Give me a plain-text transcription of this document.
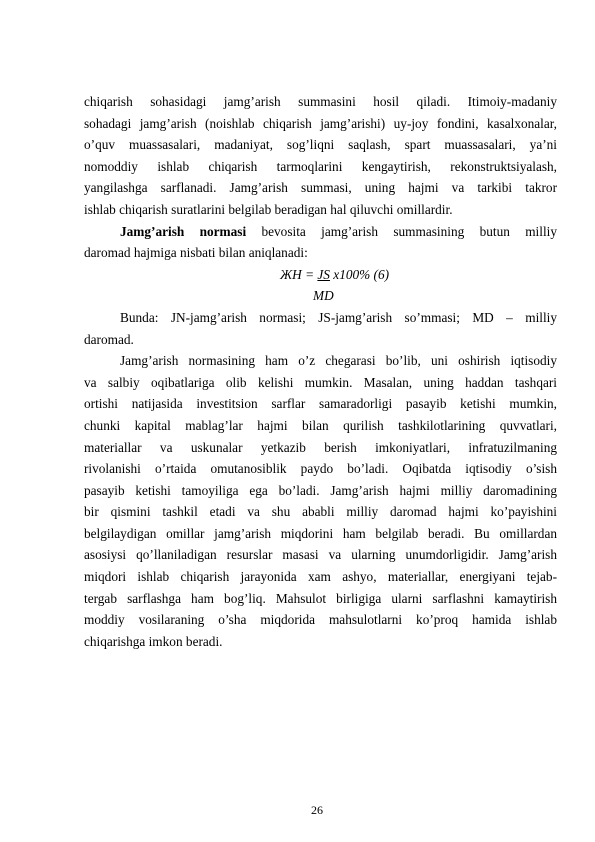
chiqarish sohasidagi jamg’arish summasini hosil qiladi. Itimoiy-madaniy
sohadagi jamg’arish (noishlab chiqarish jamg’arishi) uy-joy fondini, kasalxonalar,
o’quv muassasalari, madaniyat, sog’liqni saqlash, spart muassasalari, ya’ni
nomoddiy ishlab chiqarish tarmoqlarini kengaytirish, rekonstruktsiyalash,
yangilashga sarflanadi. Jamg’arish summasi, uning hajmi va tarkibi takror
ishlab chiqarish suratlarini belgilab beradigan hal qiluvchi omillardir.
Jamg’arish normasi bevosita jamg’arish summasining butun milliy
daromad hajmiga nisbati bilan aniqlanadi:
ЖН = JS x100% (6)
MD
Bunda: JN-jamg’arish normasi; JS-jamg’arish so’mmasi; MD – milliy
daromad.
Jamg’arish normasining ham o’z chegarasi bo’lib, uni oshirish iqtisodiy
va salbiy oqibatlariga olib kelishi mumkin. Masalan, uning haddan tashqari
ortishi natijasida investitsion sarflar samaradorligi pasayib ketishi mumkin,
chunki kapital mablag’lar hajmi bilan qurilish tashkilotlarining quvvatlari,
materiallar va uskunalar yetkazib berish imkoniyatlari, infratuzilmaning
rivolanishi o’rtaida omutanosiblik paydo bo’ladi. Oqibatda iqtisodiy o’sish
pasayib ketishi tamoyiliga ega bo’ladi. Jamg’arish hajmi milliy daromadining
bir qismini tashkil etadi va shu ababli milliy daromad hajmi ko’payishini
belgilaydigan omillar jamg’arish miqdorini ham belgilab beradi. Bu omillardan
asosiysi qo’llaniladigan resurslar masasi va ularning unumdorligidir. Jamg’arish
miqdori ishlab chiqarish jarayonida xam ashyo, materiallar, energiyani tejab-
tergab sarflashga ham bog’liq. Mahsulot birligiga ularni sarflashni kamaytirish
moddiy vosilaraning o’sha miqdorida mahsulotlarni ko’proq hamida ishlab
chiqarishga imkon beradi.
26
